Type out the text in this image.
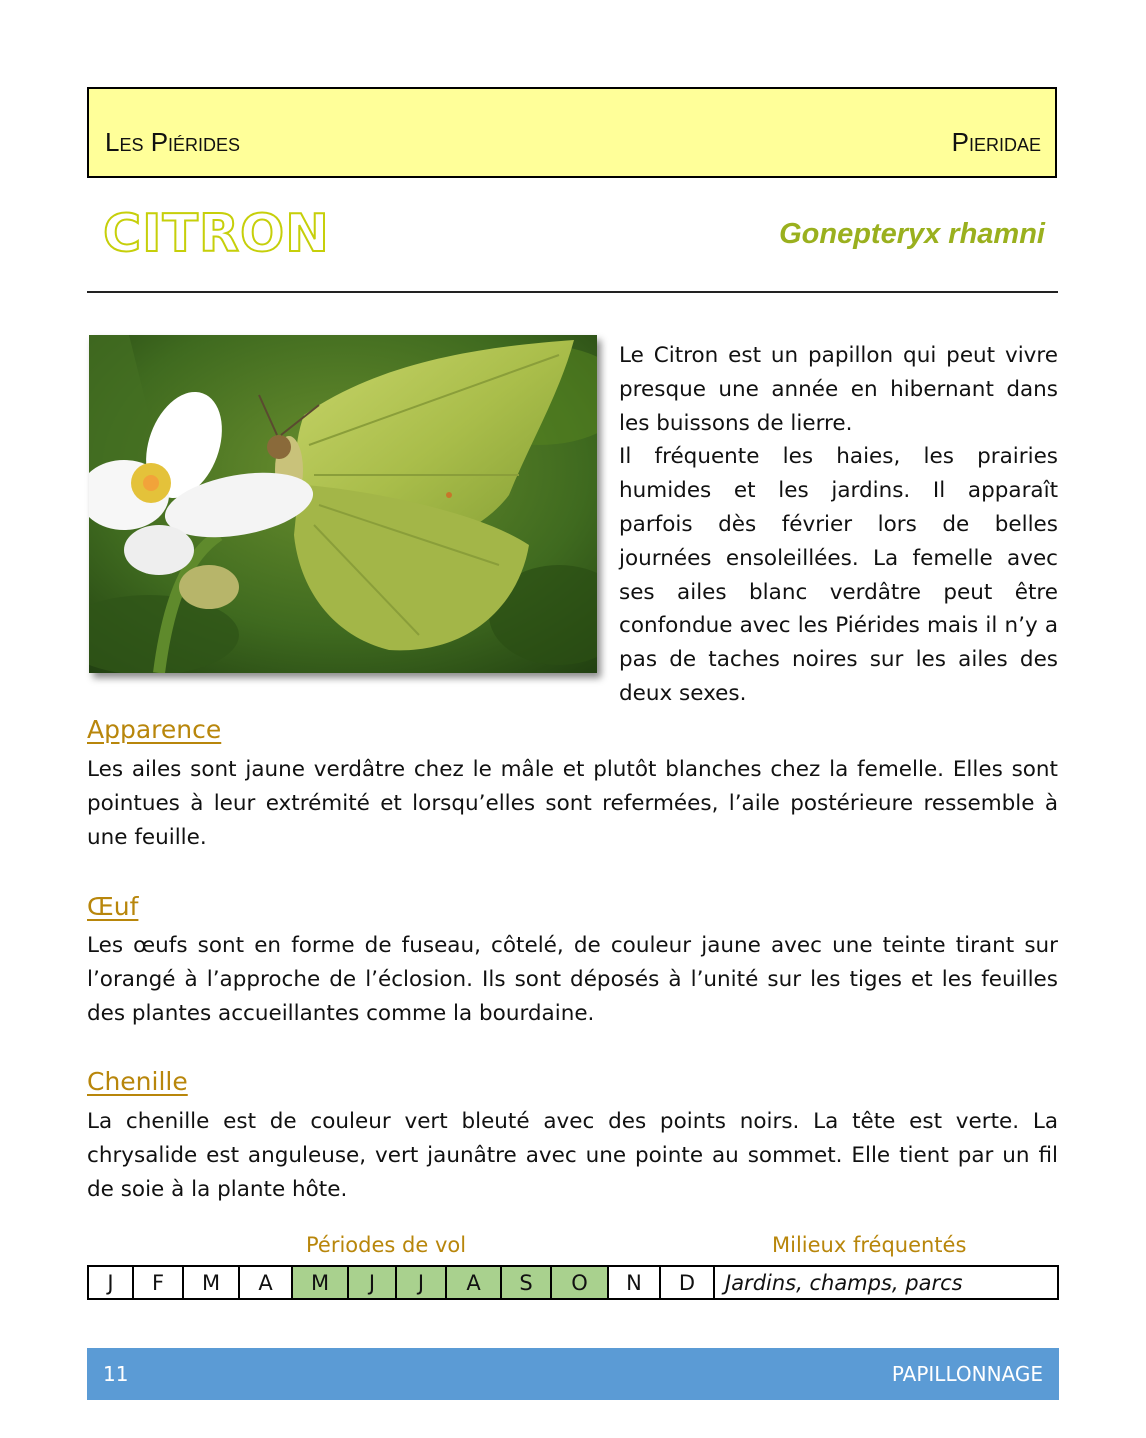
Les Piérides	Pieridae
CITRON	Gonepteryx rhamni

Le Citron est un papillon qui peut vivre presque une année en hibernant dans les buissons de lierre.

Il fréquente les haies, les prairies humides et les jardins. Il apparaît parfois dès février lors de belles journées ensoleillées. La femelle avec ses ailes blanc verdâtre peut être confondue avec les Piérides mais il n’y a pas de taches noires sur les ailes des deux sexes.

Apparence
Les ailes sont jaune verdâtre chez le mâle et plutôt blanches chez la femelle. Elles sont pointues à leur extrémité et lorsqu’elles sont refermées, l’aile postérieure ressemble à une feuille.
Œuf
Les œufs sont en forme de fuseau, côtelé, de couleur jaune avec une teinte tirant sur l’orangé à l’approche de l’éclosion. Ils sont déposés à l’unité sur les tiges et les feuilles des plantes accueillantes comme la bourdaine.
Chenille
La chenille est de couleur vert bleuté avec des points noirs. La tête est verte. La chrysalide est anguleuse, vert jaunâtre avec une pointe au sommet. Elle tient par un fil de soie à la plante hôte.
Périodes de vol	Milieux fréquentés
J	F	M	A	M	J	J	A	S	O	N	D	Jardins, champs, parcs
11	PAPILLONNAGE
